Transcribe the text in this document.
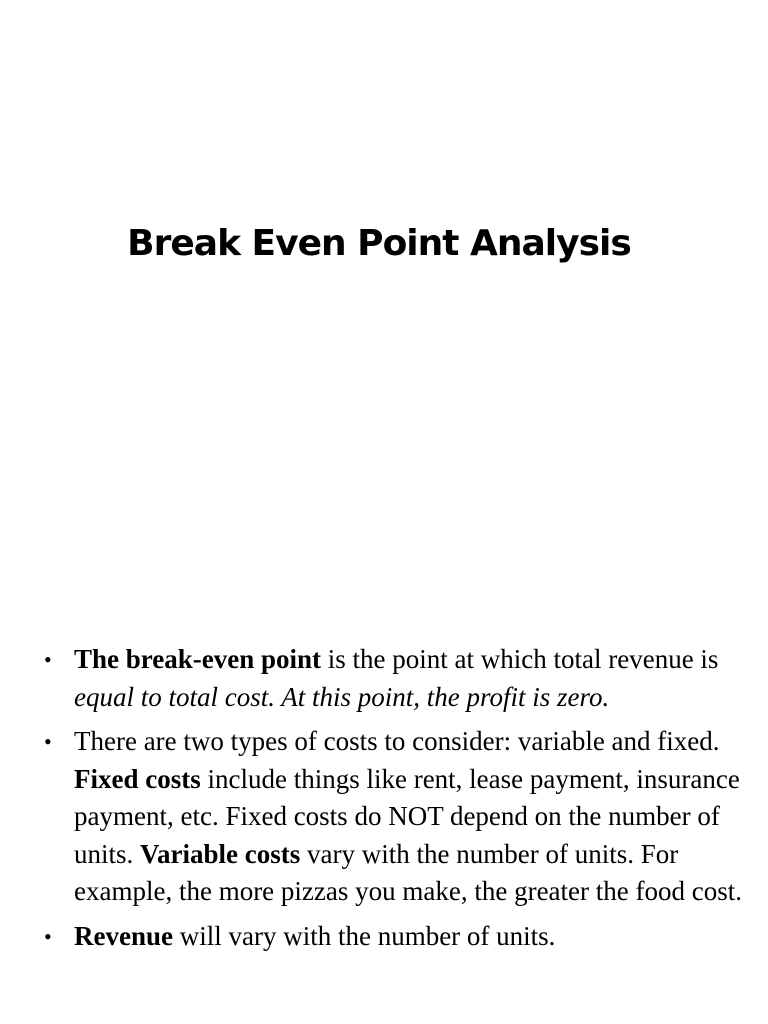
Break Even Point Analysis
• The break-even point is the point at which total revenue is equal to total cost. At this point, the profit is zero.
• There are two types of costs to consider: variable and fixed. Fixed costs include things like rent, lease payment, insurance payment, etc. Fixed costs do NOT depend on the number of units. Variable costs vary with the number of units. For example, the more pizzas you make, the greater the food cost.
• Revenue will vary with the number of units.
